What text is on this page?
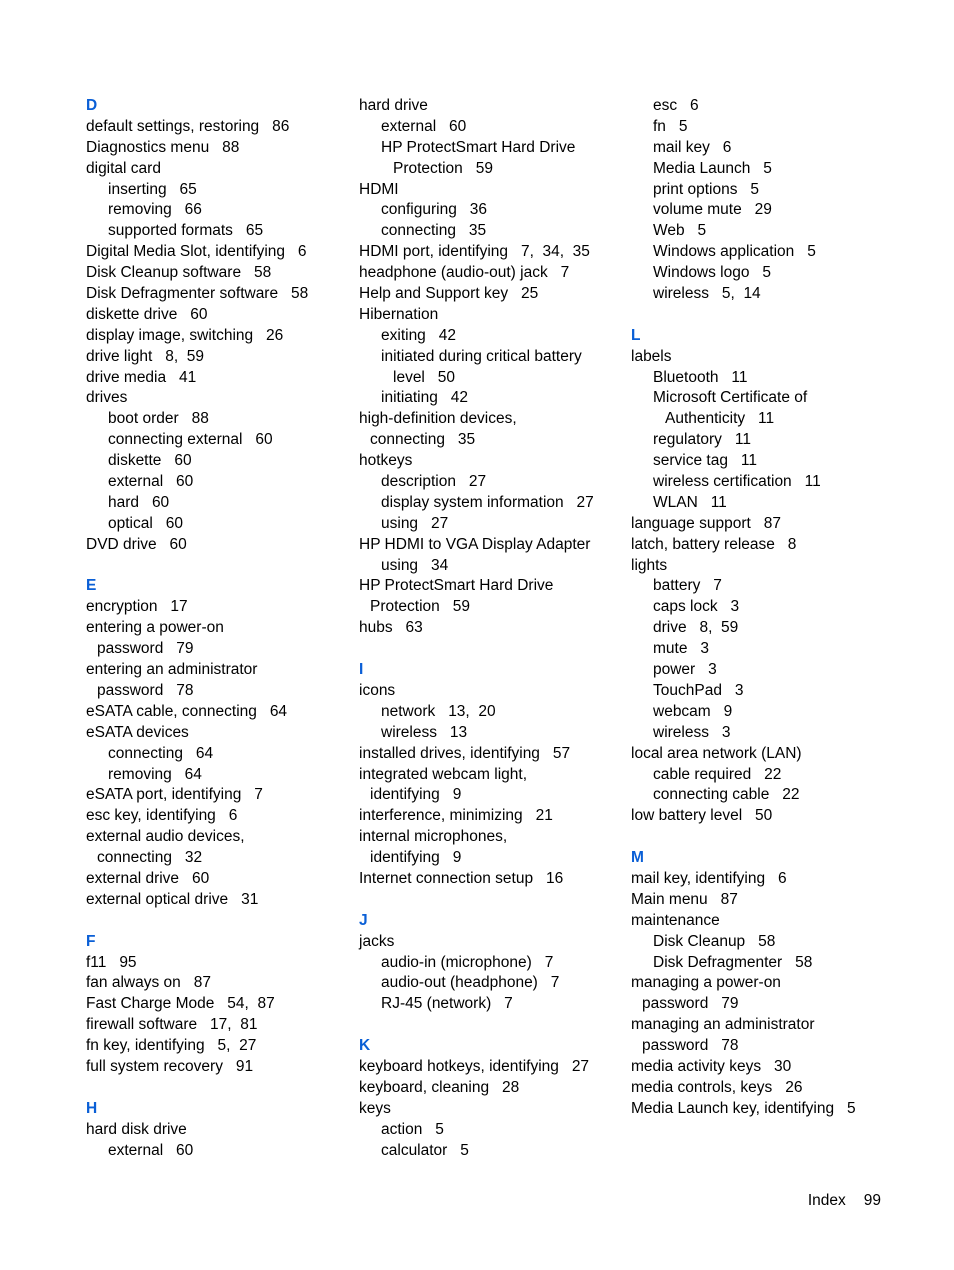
D
default settings, restoring   86
Diagnostics menu   88
digital card
inserting   65
removing   66
supported formats   65
Digital Media Slot, identifying   6
Disk Cleanup software   58
Disk Defragmenter software   58
diskette drive   60
display image, switching   26
drive light   8,  59
drive media   41
drives
boot order   88
connecting external   60
diskette   60
external   60
hard   60
optical   60
DVD drive   60
E
encryption   17
entering a power-on
password   79
entering an administrator
password   78
eSATA cable, connecting   64
eSATA devices
connecting   64
removing   64
eSATA port, identifying   7
esc key, identifying   6
external audio devices,
connecting   32
external drive   60
external optical drive   31
F
f11   95
fan always on   87
Fast Charge Mode   54,  87
firewall software   17,  81
fn key, identifying   5,  27
full system recovery   91
H
hard disk drive
external   60
hard drive
external   60
HP ProtectSmart Hard Drive
Protection   59
HDMI
configuring   36
connecting   35
HDMI port, identifying   7,  34,  35
headphone (audio-out) jack   7
Help and Support key   25
Hibernation
exiting   42
initiated during critical battery
level   50
initiating   42
high-definition devices,
connecting   35
hotkeys
description   27
display system information   27
using   27
HP HDMI to VGA Display Adapter
using   34
HP ProtectSmart Hard Drive
Protection   59
hubs   63
I
icons
network   13,  20
wireless   13
installed drives, identifying   57
integrated webcam light,
identifying   9
interference, minimizing   21
internal microphones,
identifying   9
Internet connection setup   16
J
jacks
audio-in (microphone)   7
audio-out (headphone)   7
RJ-45 (network)   7
K
keyboard hotkeys, identifying   27
keyboard, cleaning   28
keys
action   5
calculator   5
esc   6
fn   5
mail key   6
Media Launch   5
print options   5
volume mute   29
Web   5
Windows application   5
Windows logo   5
wireless   5,  14
L
labels
Bluetooth   11
Microsoft Certificate of
Authenticity   11
regulatory   11
service tag   11
wireless certification   11
WLAN   11
language support   87
latch, battery release   8
lights
battery   7
caps lock   3
drive   8,  59
mute   3
power   3
TouchPad   3
webcam   9
wireless   3
local area network (LAN)
cable required   22
connecting cable   22
low battery level   50
M
mail key, identifying   6
Main menu   87
maintenance
Disk Cleanup   58
Disk Defragmenter   58
managing a power-on
password   79
managing an administrator
password   78
media activity keys   30
media controls, keys   26
Media Launch key, identifying   5
Index 99
